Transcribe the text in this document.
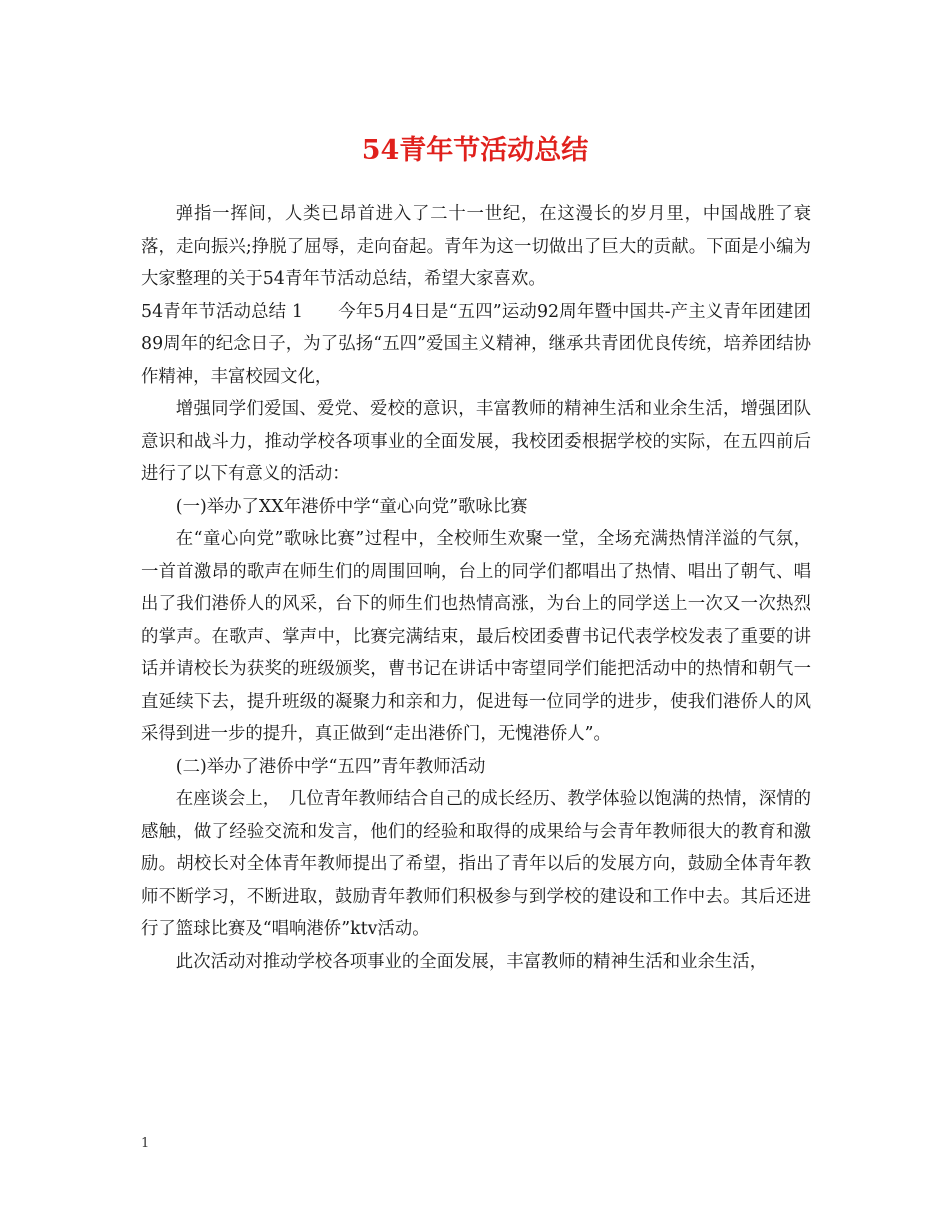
54青年节活动总结

弹指一挥间，人类已昂首进入了二十一世纪，在这漫长的岁月里，中国战胜了衰落，走向振兴;挣脱了屈辱，走向奋起。青年为这一切做出了巨大的贡献。下面是小编为大家整理的关于54青年节活动总结，希望大家喜欢。

54青年节活动总结 1　　今年5月4日是“五四”运动92周年暨中国共-产主义青年团建团89周年的纪念日子，为了弘扬“五四”爱国主义精神，继承共青团优良传统，培养团结协作精神，丰富校园文化，

增强同学们爱国、爱党、爱校的意识，丰富教师的精神生活和业余生活，增强团队意识和战斗力，推动学校各项事业的全面发展，我校团委根据学校的实际，在五四前后进行了以下有意义的活动：

(一)举办了XX年港侨中学“童心向党”歌咏比赛

在“童心向党”歌咏比赛”过程中，全校师生欢聚一堂，全场充满热情洋溢的气氛，一首首激昂的歌声在师生们的周围回响，台上的同学们都唱出了热情、唱出了朝气、唱出了我们港侨人的风采，台下的师生们也热情高涨，为台上的同学送上一次又一次热烈的掌声。在歌声、掌声中，比赛完满结束，最后校团委曹书记代表学校发表了重要的讲话并请校长为获奖的班级颁奖，曹书记在讲话中寄望同学们能把活动中的热情和朝气一直延续下去，提升班级的凝聚力和亲和力，促进每一位同学的进步，使我们港侨人的风采得到进一步的提升，真正做到“走出港侨门，无愧港侨人”。

(二)举办了港侨中学“五四”青年教师活动

在座谈会上，　几位青年教师结合自己的成长经历、教学体验以饱满的热情，深情的感触，做了经验交流和发言，他们的经验和取得的成果给与会青年教师很大的教育和激励。胡校长对全体青年教师提出了希望，指出了青年以后的发展方向，鼓励全体青年教师不断学习，不断进取，鼓励青年教师们积极参与到学校的建设和工作中去。其后还进行了篮球比赛及“唱响港侨”ktv活动。

此次活动对推动学校各项事业的全面发展，丰富教师的精神生活和业余生活，

1
